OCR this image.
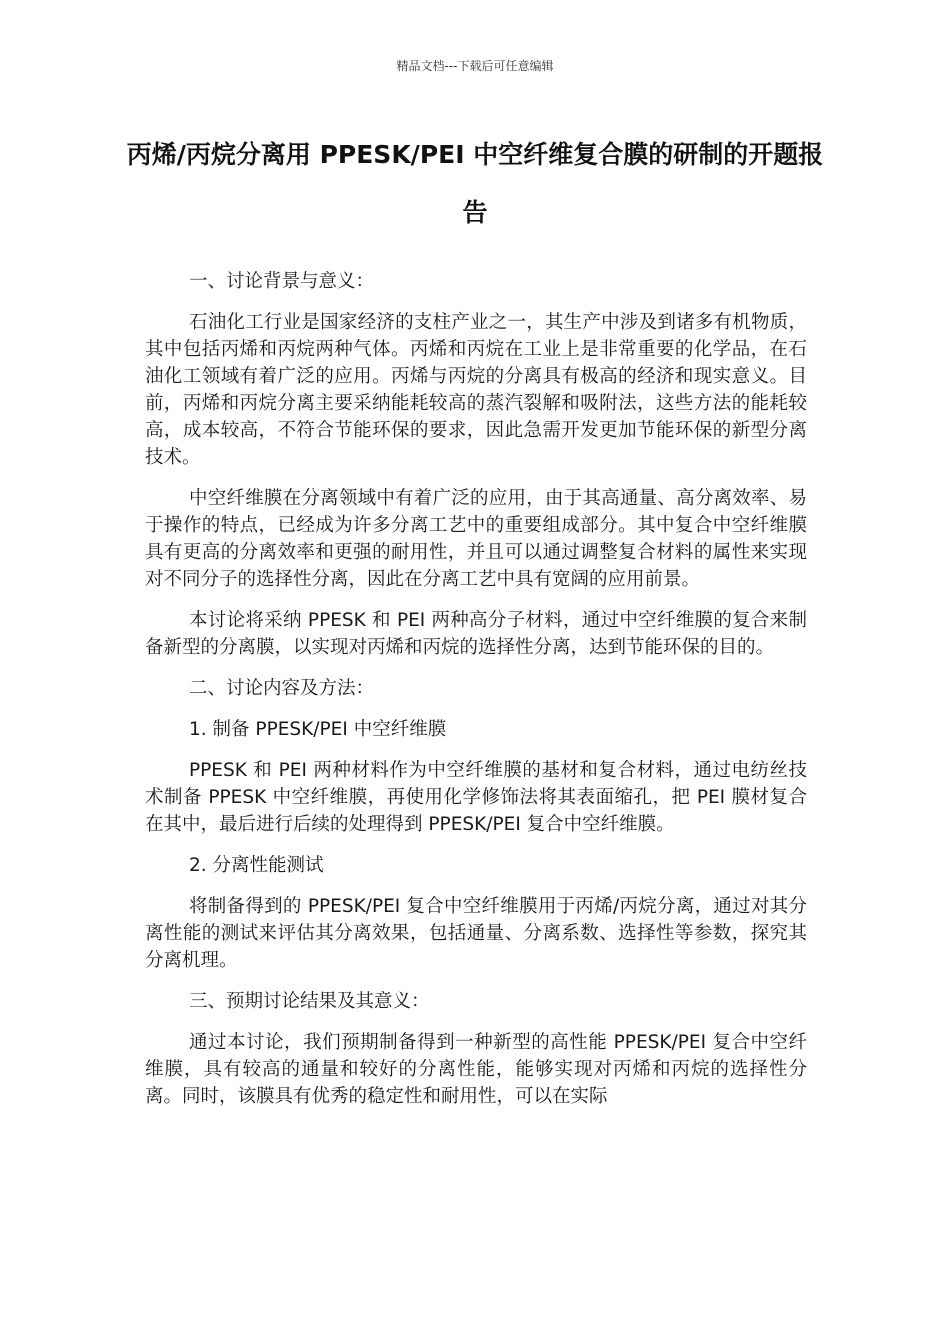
精品文档---下载后可任意编辑
丙烯/丙烷分离用 PPESK/PEI 中空纤维复合膜的研制的开题报告

一、讨论背景与意义：

石油化工行业是国家经济的支柱产业之一，其生产中涉及到诸多有机物质，其中包括丙烯和丙烷两种气体。丙烯和丙烷在工业上是非常重要的化学品，在石油化工领域有着广泛的应用。丙烯与丙烷的分离具有极高的经济和现实意义。目前，丙烯和丙烷分离主要采纳能耗较高的蒸汽裂解和吸附法，这些方法的能耗较高，成本较高，不符合节能环保的要求，因此急需开发更加节能环保的新型分离技术。

中空纤维膜在分离领域中有着广泛的应用，由于其高通量、高分离效率、易于操作的特点，已经成为许多分离工艺中的重要组成部分。其中复合中空纤维膜具有更高的分离效率和更强的耐用性，并且可以通过调整复合材料的属性来实现对不同分子的选择性分离，因此在分离工艺中具有宽阔的应用前景。

本讨论将采纳 PPESK 和 PEI 两种高分子材料，通过中空纤维膜的复合来制备新型的分离膜，以实现对丙烯和丙烷的选择性分离，达到节能环保的目的。

二、讨论内容及方法：

1. 制备 PPESK/PEI 中空纤维膜

PPESK 和 PEI 两种材料作为中空纤维膜的基材和复合材料，通过电纺丝技术制备 PPESK 中空纤维膜，再使用化学修饰法将其表面缩孔，把 PEI 膜材复合在其中，最后进行后续的处理得到 PPESK/PEI 复合中空纤维膜。

2. 分离性能测试

将制备得到的 PPESK/PEI 复合中空纤维膜用于丙烯/丙烷分离，通过对其分离性能的测试来评估其分离效果，包括通量、分离系数、选择性等参数，探究其分离机理。

三、预期讨论结果及其意义：

通过本讨论，我们预期制备得到一种新型的高性能 PPESK/PEI 复合中空纤维膜，具有较高的通量和较好的分离性能，能够实现对丙烯和丙烷的选择性分离。同时，该膜具有优秀的稳定性和耐用性，可以在实际
